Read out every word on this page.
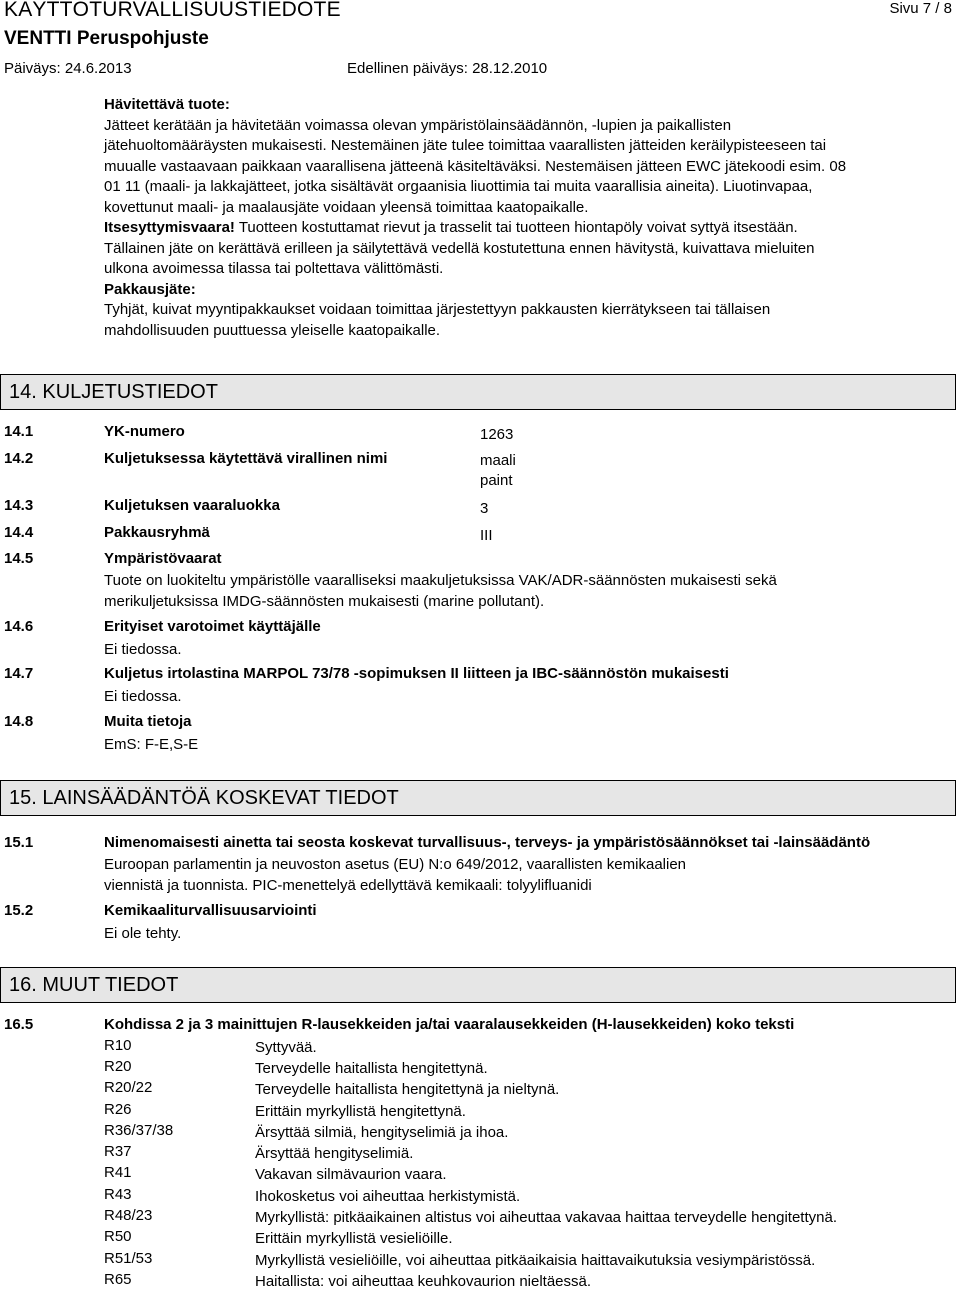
KÄYTTÖTURVALLISUUSTIEDOTE	Sivu 7 / 8
VENTTI Peruspohjuste
Päiväys: 24.6.2013	Edellinen päiväys: 28.12.2010

Hävitettävä tuote:

Jätteet kerätään ja hävitetään voimassa olevan ympäristölainsäädännön, -lupien ja paikallisten

jätehuoltomääräysten mukaisesti. Nestemäinen jäte tulee toimittaa vaarallisten jätteiden keräilypisteeseen tai

muualle vastaavaan paikkaan vaarallisena jätteenä käsiteltäväksi. Nestemäisen jätteen EWC jätekoodi esim. 08

01 11 (maali- ja lakkajätteet, jotka sisältävät orgaanisia liuottimia tai muita vaarallisia aineita). Liuotinvapaa,

kovettunut maali- ja maalausjäte voidaan yleensä toimittaa kaatopaikalle.

Itsesyttymisvaara! Tuotteen kostuttamat rievut ja trasselit tai tuotteen hiontapöly voivat syttyä itsestään.

Tällainen jäte on kerättävä erilleen ja säilytettävä vedellä kostutettuna ennen hävitystä, kuivattava mieluiten

ulkona avoimessa tilassa tai poltettava välittömästi.

Pakkausjäte:

Tyhjät, kuivat myyntipakkaukset voidaan toimittaa järjestettyyn pakkausten kierrätykseen tai tällaisen

mahdollisuuden puuttuessa yleiselle kaatopaikalle.

14. KULJETUSTIEDOT
14.1	YK-numero	1263
14.2	Kuljetuksessa käytettävä virallinen nimi	maali
paint
14.3	Kuljetuksen vaaraluokka	3
14.4	Pakkausryhmä	III
14.5	Ympäristövaarat
Tuote on luokiteltu ympäristölle vaaralliseksi maakuljetuksissa VAK/ADR-säännösten mukaisesti sekä
merikuljetuksissa IMDG-säännösten mukaisesti (marine pollutant).
14.6	Erityiset varotoimet käyttäjälle
Ei tiedossa.
14.7	Kuljetus irtolastina MARPOL 73/78 -sopimuksen II liitteen ja IBC-säännöstön mukaisesti
Ei tiedossa.
14.8	Muita tietoja
EmS: F-E,S-E
15. LAINSÄÄDÄNTÖÄ KOSKEVAT TIEDOT
15.1	Nimenomaisesti ainetta tai seosta koskevat turvallisuus-, terveys- ja ympäristösäännökset tai -lainsäädäntö
Euroopan parlamentin ja neuvoston asetus (EU) N:o 649/2012, vaarallisten kemikaalien
viennistä ja tuonnista. PIC-menettelyä edellyttävä kemikaali: tolyylifluanidi
15.2	Kemikaaliturvallisuusarviointi
Ei ole tehty.
16. MUUT TIEDOT
16.5	Kohdissa 2 ja 3 mainittujen R-lausekkeiden ja/tai vaaralausekkeiden (H-lausekkeiden) koko teksti
R10	Syttyvää.
R20	Terveydelle haitallista hengitettynä.
R20/22	Terveydelle haitallista hengitettynä ja nieltynä.
R26	Erittäin myrkyllistä hengitettynä.
R36/37/38	Ärsyttää silmiä, hengityselimiä ja ihoa.
R37	Ärsyttää hengityselimiä.
R41	Vakavan silmävaurion vaara.
R43	Ihokosketus voi aiheuttaa herkistymistä.
R48/23	Myrkyllistä: pitkäaikainen altistus voi aiheuttaa vakavaa haittaa terveydelle hengitettynä.
R50	Erittäin myrkyllistä vesieliöille.
R51/53	Myrkyllistä vesieliöille, voi aiheuttaa pitkäaikaisia haittavaikutuksia vesiympäristössä.
R65	Haitallista: voi aiheuttaa keuhkovaurion nieltäessä.
